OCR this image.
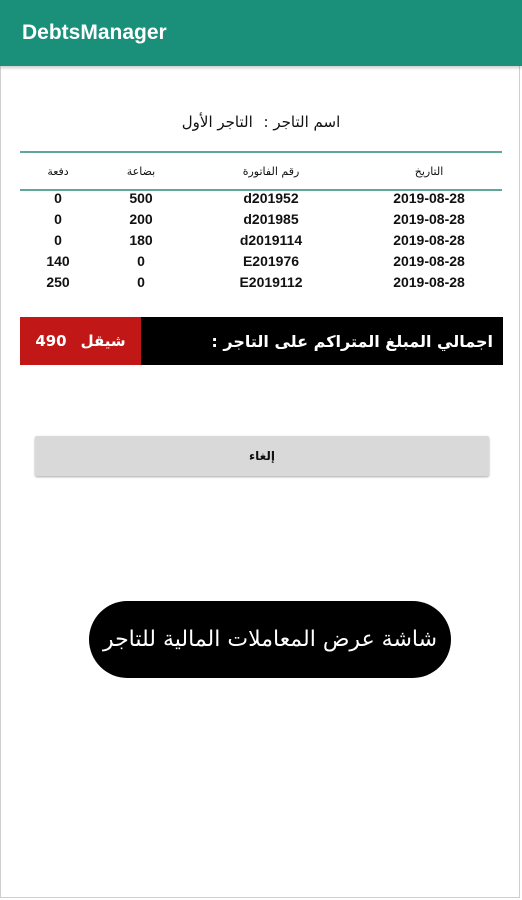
DebtsManager
اسم التاجر : التاجر الأول
دفعة	بضاعة	رقم الفاتورة	التاريخ
0	500	d201952	2019-08-28
0	200	d201985	2019-08-28
0	180	d2019114	2019-08-28
140	0	E201976	2019-08-28
250	0	E2019112	2019-08-28
490 شيقل	اجمالي المبلغ المتراكم على التاجر :
إلغاء
شاشة عرض المعاملات المالية للتاجر
